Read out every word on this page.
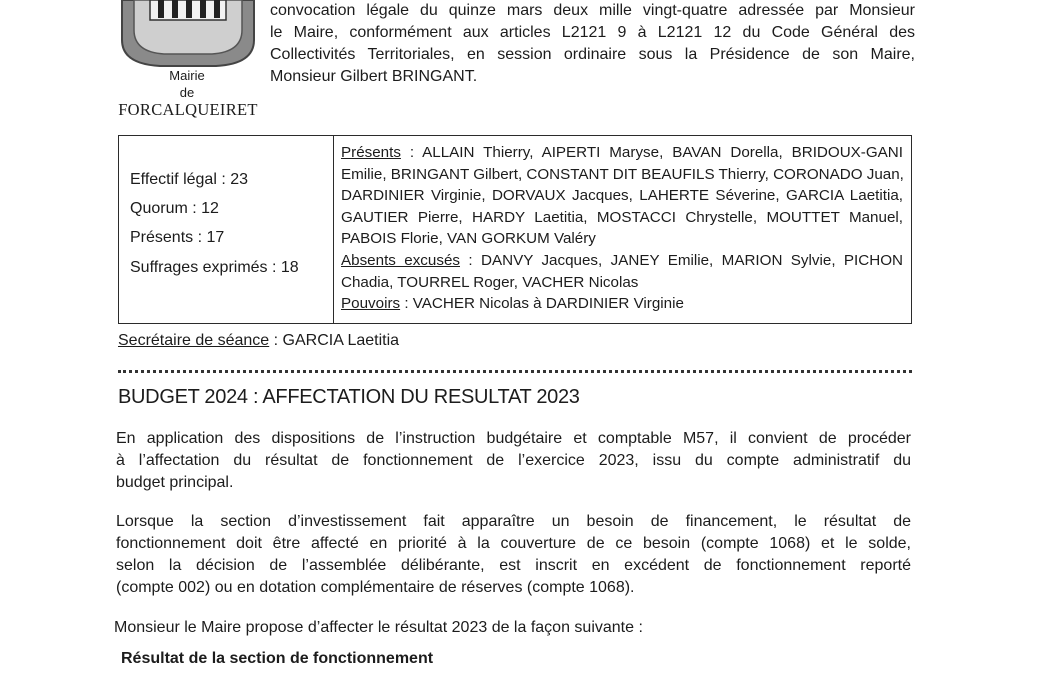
Mairie
de
FORCALQUEIRET
convocation légale du quinze mars deux mille vingt-quatre adressée par Monsieur
le Maire, conformément aux articles L2121 9 à L2121 12 du Code Général des
Collectivités Territoriales, en session ordinaire sous la Présidence de son Maire,
Monsieur Gilbert BRINGANT.
Effectif légal : 23
Quorum : 12
Présents : 17
Suffrages exprimés : 18
Présents : ALLAIN Thierry, AIPERTI Maryse, BAVAN Dorella, BRIDOUX-GANI
Emilie, BRINGANT Gilbert, CONSTANT DIT BEAUFILS Thierry, CORONADO Juan,
DARDINIER Virginie, DORVAUX Jacques, LAHERTE Séverine, GARCIA Laetitia,
GAUTIER Pierre, HARDY Laetitia, MOSTACCI Chrystelle, MOUTTET Manuel,
PABOIS Florie, VAN GORKUM Valéry
Absents excusés : DANVY Jacques, JANEY Emilie, MARION Sylvie, PICHON
Chadia, TOURREL Roger, VACHER Nicolas
Pouvoirs : VACHER Nicolas à DARDINIER Virginie
Secrétaire de séance : GARCIA Laetitia
BUDGET 2024 : AFFECTATION DU RESULTAT 2023
En application des dispositions de l’instruction budgétaire et comptable M57, il convient de procéder
à l’affectation du résultat de fonctionnement de l’exercice 2023, issu du compte administratif du
budget principal.
Lorsque la section d’investissement fait apparaître un besoin de financement, le résultat de
fonctionnement doit être affecté en priorité à la couverture de ce besoin (compte 1068) et le solde,
selon la décision de l’assemblée délibérante, est inscrit en excédent de fonctionnement reporté
(compte 002) ou en dotation complémentaire de réserves (compte 1068).
Monsieur le Maire propose d’affecter le résultat 2023 de la façon suivante :
Résultat de la section de fonctionnement
